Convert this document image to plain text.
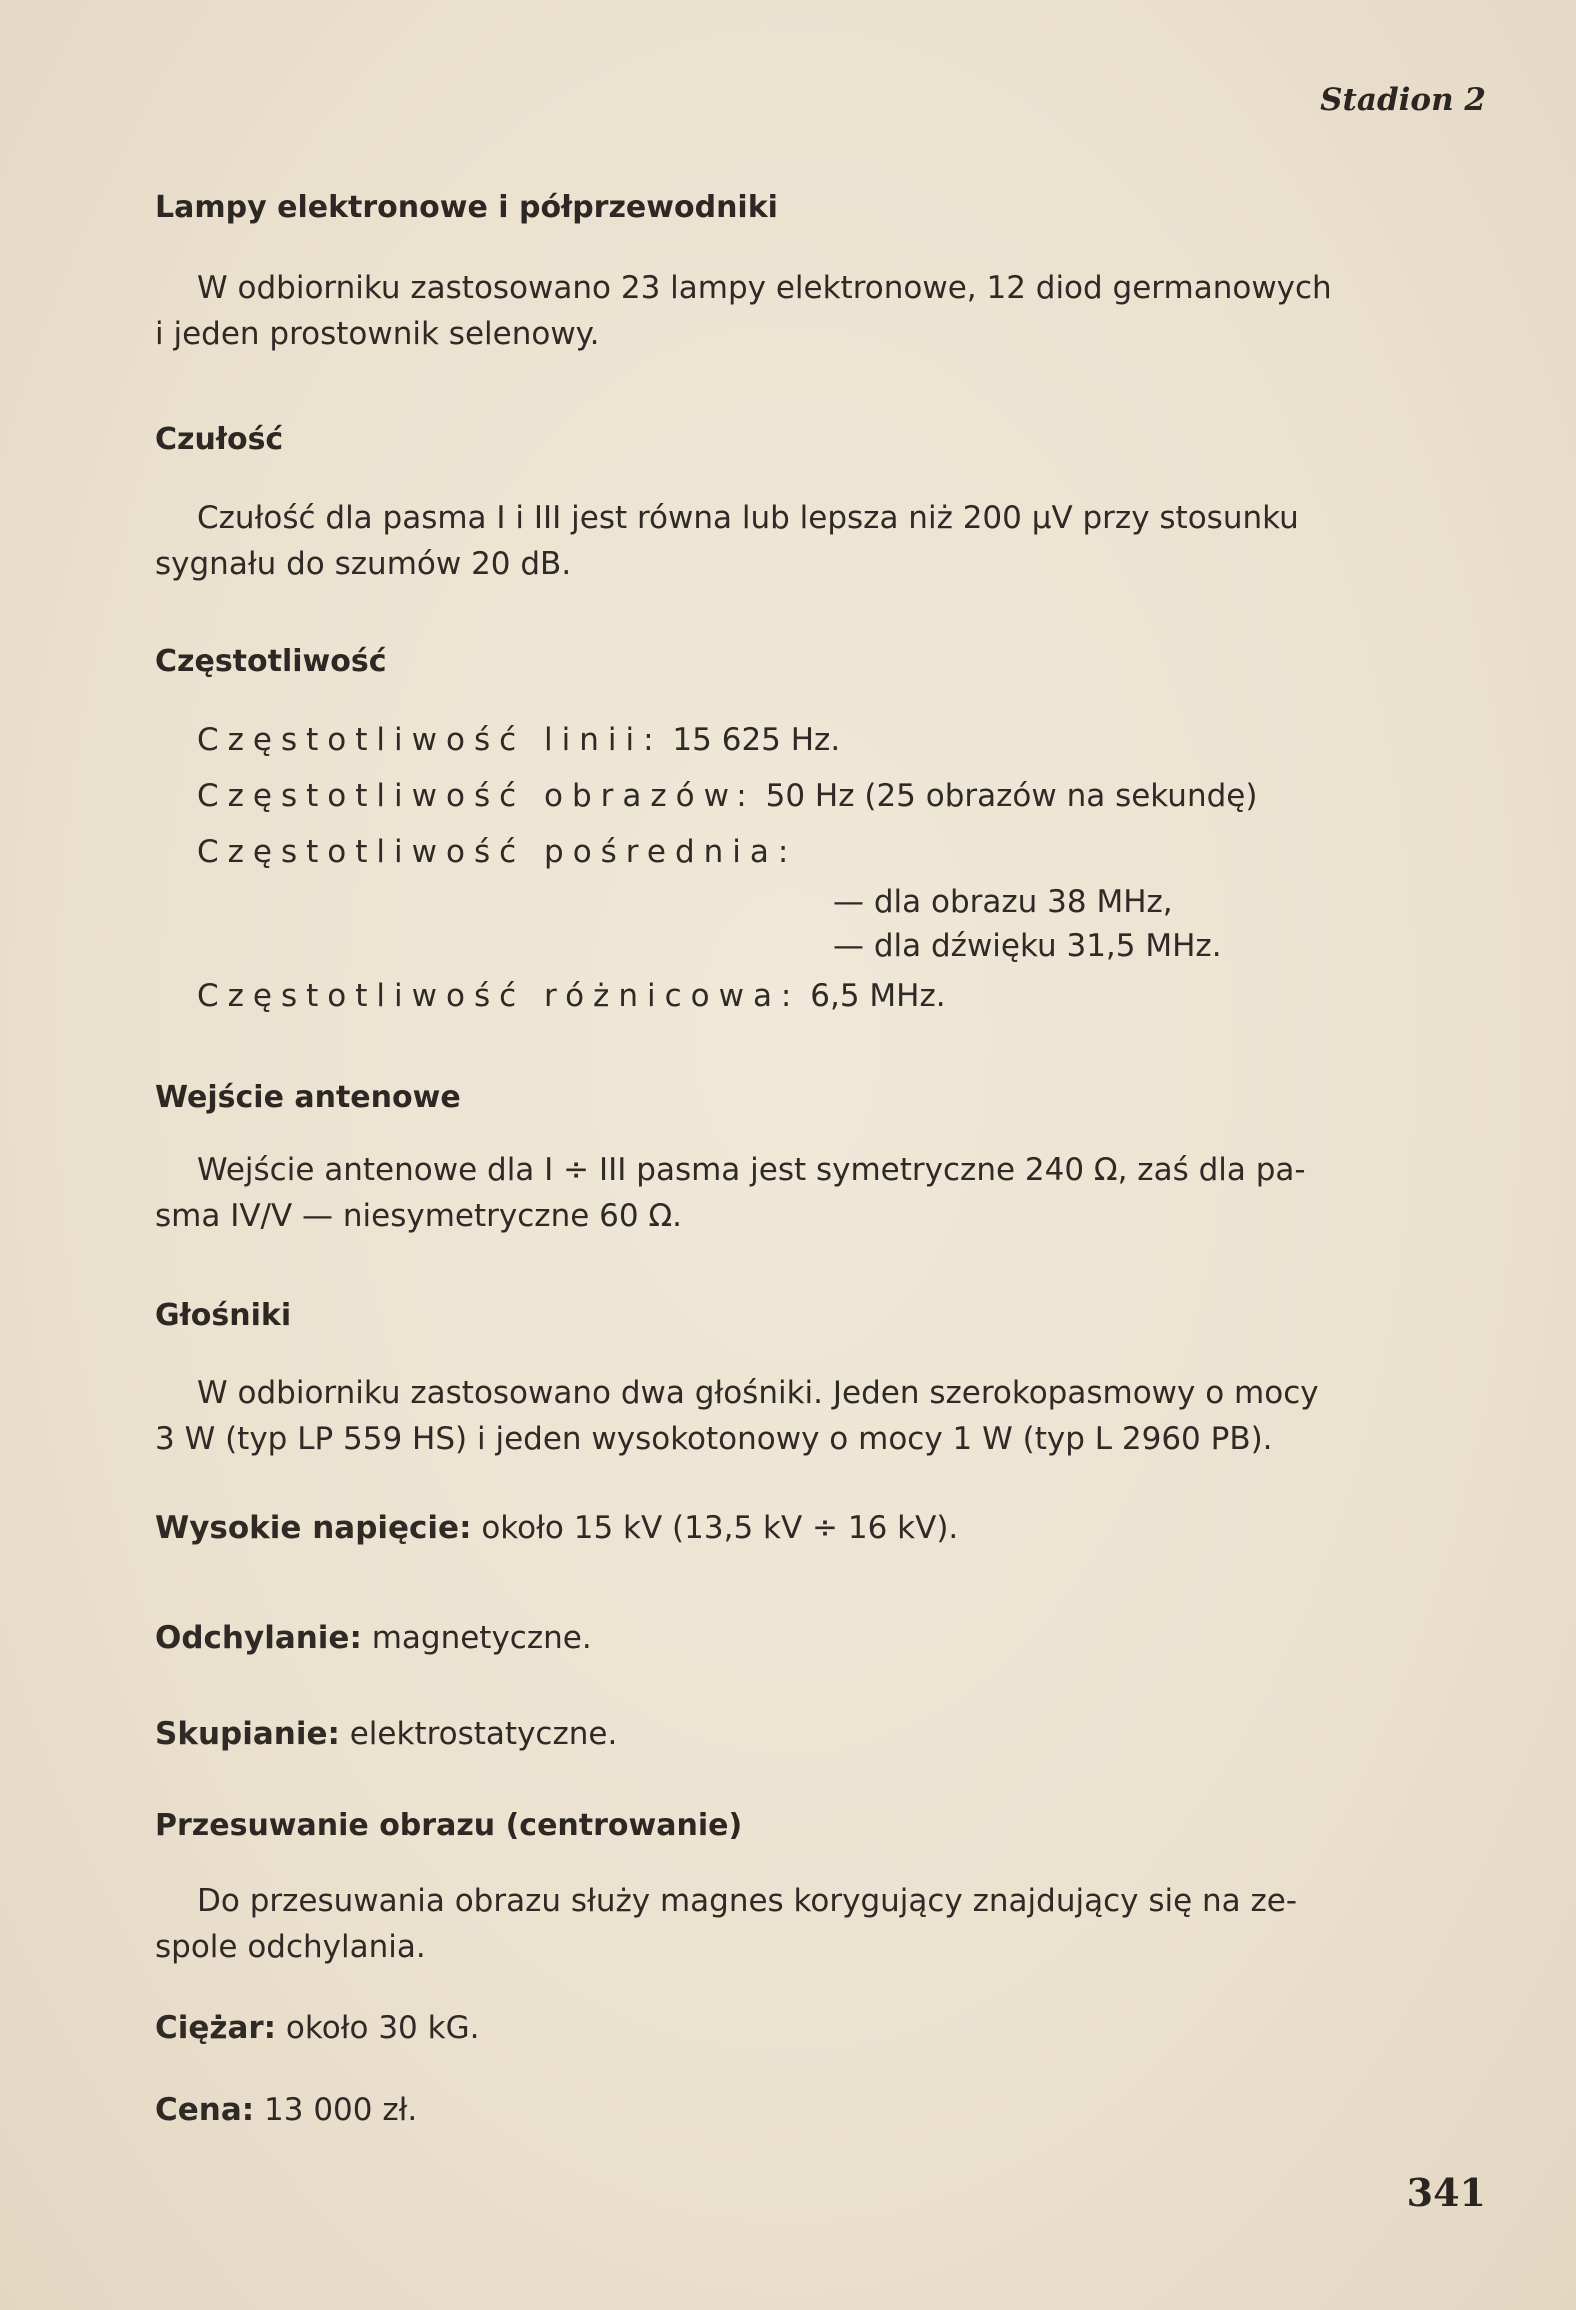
Stadion 2
Lampy elektronowe i półprzewodniki
W odbiorniku zastosowano 23 lampy elektronowe, 12 diod germanowych
i jeden prostownik selenowy.
Czułość
Czułość dla pasma I i III jest równa lub lepsza niż 200 µV przy stosunku
sygnału do szumów 20 dB.
Częstotliwość
Częstotliwość linii: 15 625 Hz.
Częstotliwość obrazów: 50 Hz (25 obrazów na sekundę)
Częstotliwość pośrednia:
— dla obrazu 38 MHz,
— dla dźwięku 31,5 MHz.
Częstotliwość różnicowa: 6,5 MHz.
Wejście antenowe
Wejście antenowe dla I ÷ III pasma jest symetryczne 240 Ω, zaś dla pa-
sma IV/V — niesymetryczne 60 Ω.
Głośniki
W odbiorniku zastosowano dwa głośniki. Jeden szerokopasmowy o mocy
3 W (typ LP 559 HS) i jeden wysokotonowy o mocy 1 W (typ L 2960 PB).
Wysokie napięcie: około 15 kV (13,5 kV ÷ 16 kV).
Odchylanie: magnetyczne.
Skupianie: elektrostatyczne.
Przesuwanie obrazu (centrowanie)
Do przesuwania obrazu służy magnes korygujący znajdujący się na ze-
spole odchylania.
Ciężar: około 30 kG.
Cena: 13 000 zł.
341
